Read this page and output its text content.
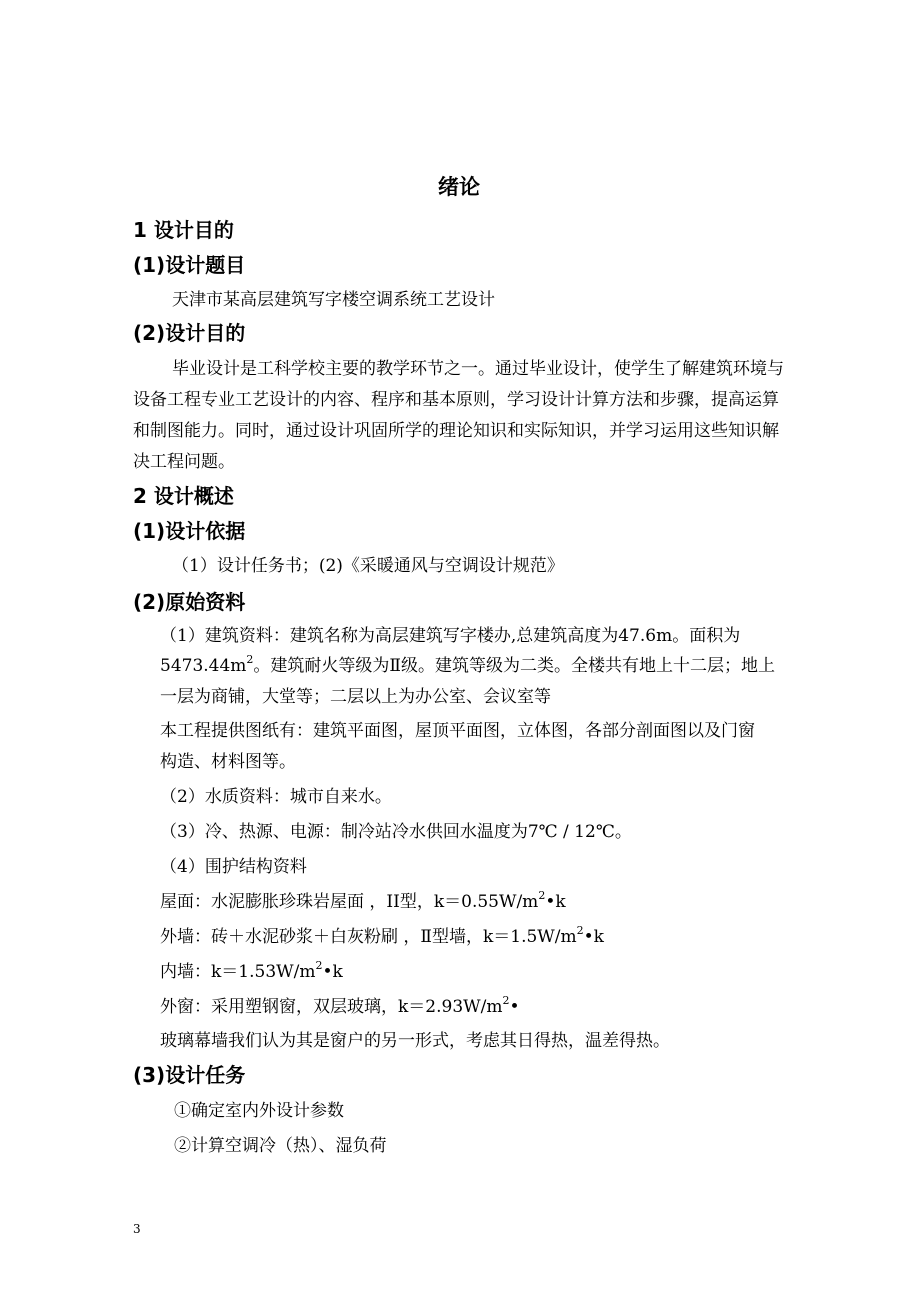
绪论
1 设计目的
(1)设计题目
天津市某高层建筑写字楼空调系统工艺设计
(2)设计目的
毕业设计是工科学校主要的教学环节之一。通过毕业设计，使学生了解建筑环境与
设备工程专业工艺设计的内容、程序和基本原则，学习设计计算方法和步骤，提高运算
和制图能力。同时，通过设计巩固所学的理论知识和实际知识，并学习运用这些知识解
决工程问题。
2 设计概述
(1)设计依据
（1）设计任务书；(2)《采暖通风与空调设计规范》
(2)原始资料
（1）建筑资料：建筑名称为高层建筑写字楼办,总建筑高度为47.6m。面积为
$5473.44m^2$。建筑耐火等级为Ⅱ级。建筑等级为二类。全楼共有地上十二层；地上
一层为商铺，大堂等；二层以上为办公室、会议室等
本工程提供图纸有：建筑平面图，屋顶平面图，立体图，各部分剖面图以及门窗
构造、材料图等。
（2）水质资料：城市自来水。
（3）冷、热源、电源：制冷站冷水供回水温度为7℃ / 12℃。
（4）围护结构资料
屋面：水泥膨胀珍珠岩屋面 ，II型，$k=0.55W/m^2•k$
外墙：砖＋水泥砂浆＋白灰粉刷 ，Ⅱ型墙，$k=1.5W/m^2•k$
内墙：$k=1.53W/m^2•k$
外窗：采用塑钢窗，双层玻璃，$k=2.93W/m^2•$
玻璃幕墙我们认为其是窗户的另一形式，考虑其日得热，温差得热。
(3)设计任务
①确定室内外设计参数
②计算空调冷（热）、湿负荷
3
